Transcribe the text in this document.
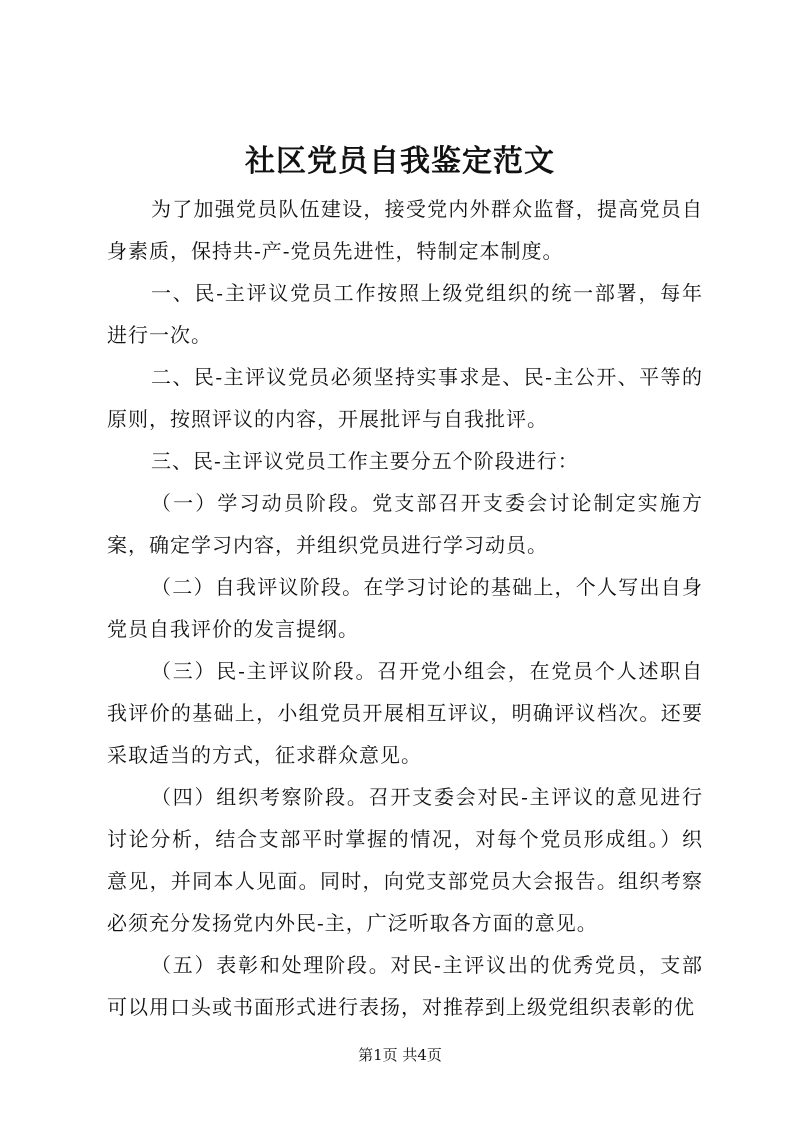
社区党员自我鉴定范文

为了加强党员队伍建设，接受党内外群众监督，提高党员自身素质，保持共-产-党员先进性，特制定本制度。

一、民-主评议党员工作按照上级党组织的统一部署，每年进行一次。

二、民-主评议党员必须坚持实事求是、民-主公开、平等的原则，按照评议的内容，开展批评与自我批评。

三、民-主评议党员工作主要分五个阶段进行：

（一）学习动员阶段。党支部召开支委会讨论制定实施方案，确定学习内容，并组织党员进行学习动员。

（二）自我评议阶段。在学习讨论的基础上，个人写出自身党员自我评价的发言提纲。

（三）民-主评议阶段。召开党小组会，在党员个人述职自我评价的基础上，小组党员开展相互评议，明确评议档次。还要采取适当的方式，征求群众意见。

（四）组织考察阶段。召开支委会对民-主评议的意见进行讨论分析，结合支部平时掌握的情况，对每个党员形成组。）织意见，并同本人见面。同时，向党支部党员大会报告。组织考察必须充分发扬党内外民-主，广泛听取各方面的意见。

（五）表彰和处理阶段。对民-主评议出的优秀党员，支部可以用口头或书面形式进行表扬，对推荐到上级党组织表彰的优

第1页 共4页
